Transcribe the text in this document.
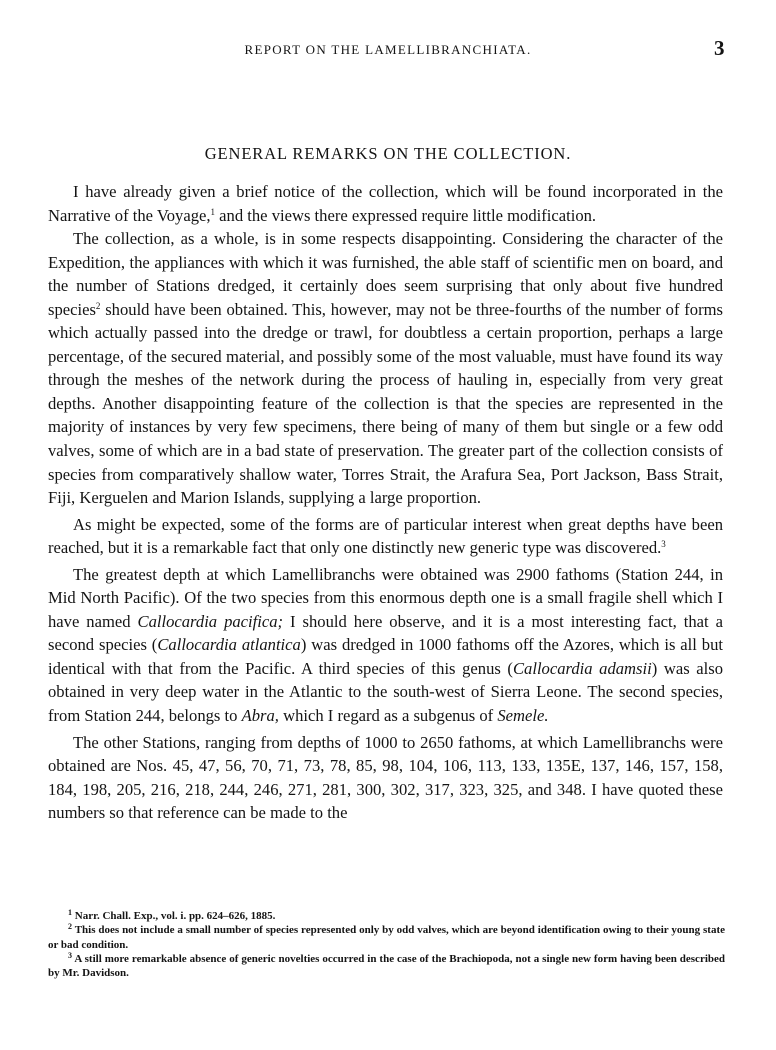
REPORT ON THE LAMELLIBRANCHIATA.	3
GENERAL REMARKS ON THE COLLECTION.

I have already given a brief notice of the collection, which will be found incorporated in the Narrative of the Voyage,$^1$ and the views there expressed require little modification.

The collection, as a whole, is in some respects disappointing. Considering the character of the Expedition, the appliances with which it was furnished, the able staff of scientific men on board, and the number of Stations dredged, it certainly does seem surprising that only about five hundred species$^2$ should have been obtained. This, however, may not be three-fourths of the number of forms which actually passed into the dredge or trawl, for doubtless a certain proportion, perhaps a large percentage, of the secured material, and possibly some of the most valuable, must have found its way through the meshes of the network during the process of hauling in, especially from very great depths. Another disappointing feature of the collection is that the species are represented in the majority of instances by very few specimens, there being of many of them but single or a few odd valves, some of which are in a bad state of preservation. The greater part of the collection consists of species from comparatively shallow water, Torres Strait, the Arafura Sea, Port Jackson, Bass Strait, Fiji, Kerguelen and Marion Islands, supplying a large proportion.

As might be expected, some of the forms are of particular interest when great depths have been reached, but it is a remarkable fact that only one distinctly new generic type was discovered.$^3$

The greatest depth at which Lamellibranchs were obtained was 2900 fathoms (Station 244, in Mid North Pacific). Of the two species from this enormous depth one is a small fragile shell which I have named Callocardia pacifica; I should here observe, and it is a most interesting fact, that a second species (Callocardia atlantica) was dredged in 1000 fathoms off the Azores, which is all but identical with that from the Pacific. A third species of this genus (Callocardia adamsii) was also obtained in very deep water in the Atlantic to the south-west of Sierra Leone. The second species, from Station 244, belongs to Abra, which I regard as a subgenus of Semele.

The other Stations, ranging from depths of 1000 to 2650 fathoms, at which Lamellibranchs were obtained are Nos. 45, 47, 56, 70, 71, 73, 78, 85, 98, 104, 106, 113, 133, 135E, 137, 146, 157, 158, 184, 198, 205, 216, 218, 244, 246, 271, 281, 300, 302, 317, 323, 325, and 348. I have quoted these numbers so that reference can be made to the

$^1$ Narr. Chall. Exp., vol. i. pp. 624–626, 1885.

$^2$ This does not include a small number of species represented only by odd valves, which are beyond identification owing to their young state or bad condition.

$^3$ A still more remarkable absence of generic novelties occurred in the case of the Brachiopoda, not a single new form having been described by Mr. Davidson.
